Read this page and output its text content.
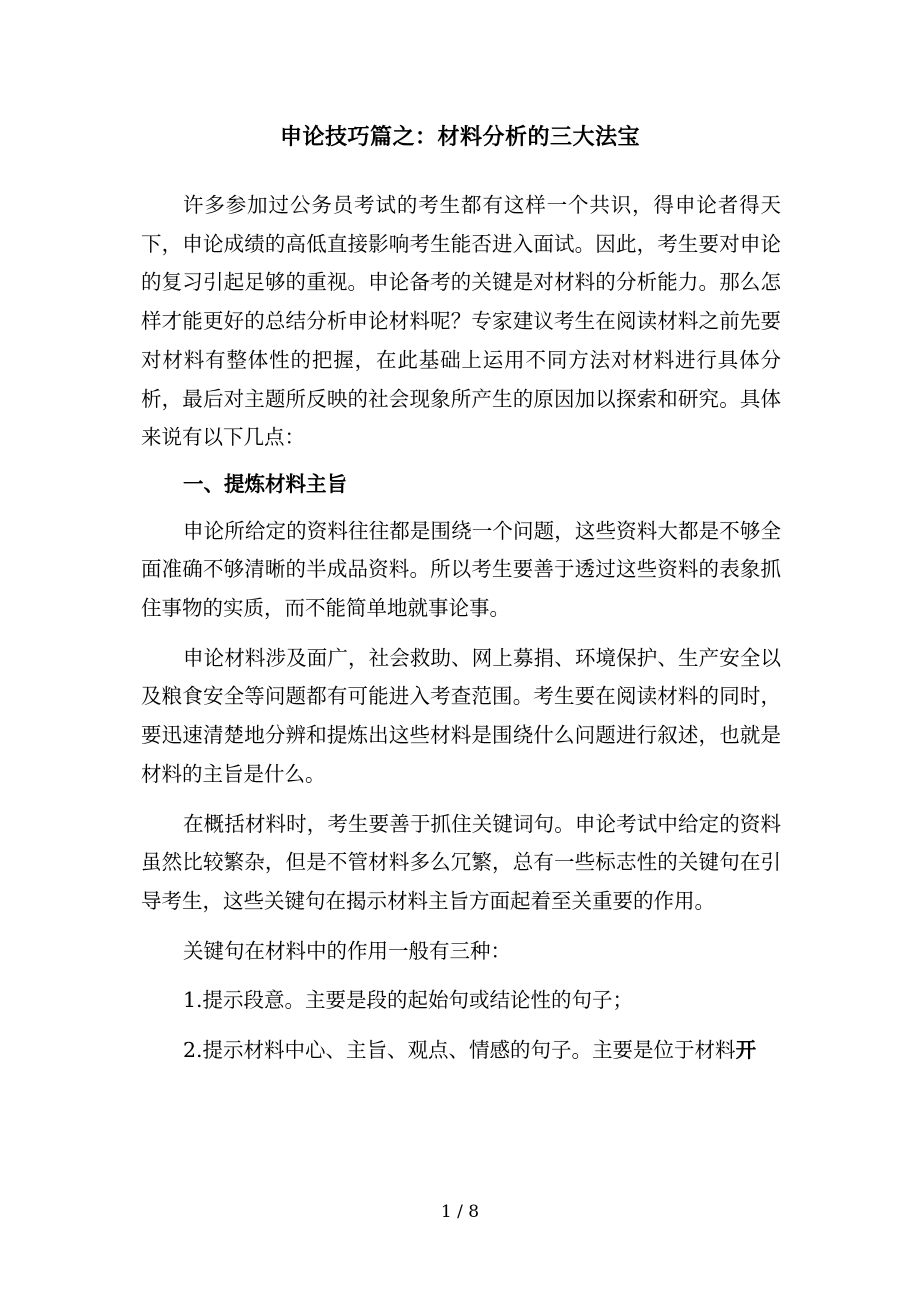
申论技巧篇之：材料分析的三大法宝

许多参加过公务员考试的考生都有这样一个共识，得申论者得天下，申论成绩的高低直接影响考生能否进入面试。因此，考生要对申论的复习引起足够的重视。申论备考的关键是对材料的分析能力。那么怎样才能更好的总结分析申论材料呢？专家建议考生在阅读材料之前先要对材料有整体性的把握，在此基础上运用不同方法对材料进行具体分析，最后对主题所反映的社会现象所产生的原因加以探索和研究。具体来说有以下几点：

一、提炼材料主旨

申论所给定的资料往往都是围绕一个问题，这些资料大都是不够全面准确不够清晰的半成品资料。所以考生要善于透过这些资料的表象抓住事物的实质，而不能简单地就事论事。

申论材料涉及面广，社会救助、网上募捐、环境保护、生产安全以及粮食安全等问题都有可能进入考查范围。考生要在阅读材料的同时，要迅速清楚地分辨和提炼出这些材料是围绕什么问题进行叙述，也就是材料的主旨是什么。

在概括材料时，考生要善于抓住关键词句。申论考试中给定的资料虽然比较繁杂，但是不管材料多么冗繁，总有一些标志性的关键句在引导考生，这些关键句在揭示材料主旨方面起着至关重要的作用。

关键句在材料中的作用一般有三种：

1.提示段意。主要是段的起始句或结论性的句子；

2.提示材料中心、主旨、观点、情感的句子。主要是位于材料开

1 / 8
